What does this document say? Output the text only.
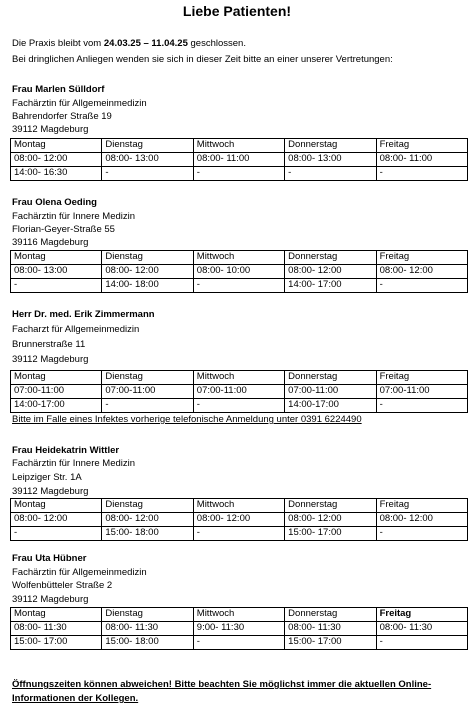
Liebe Patienten!
Die Praxis bleibt vom 24.03.25 – 11.04.25 geschlossen.
Bei dringlichen Anliegen wenden sie sich in dieser Zeit bitte an einer unserer Vertretungen:
Frau Marlen Sülldorf
Fachärztin für Allgemeinmedizin
Bahrendorfer Straße 19
39112 Magdeburg
Montag	Dienstag	Mittwoch	Donnerstag	Freitag
08:00- 12:00	08:00- 13:00	08:00- 11:00	08:00- 13:00	08:00- 11:00
14:00- 16:30	-	-	-	-
Frau Olena Oeding
Fachärztin für Innere Medizin
Florian-Geyer-Straße 55
39116 Magdeburg
Montag	Dienstag	Mittwoch	Donnerstag	Freitag
08:00- 13:00	08:00- 12:00	08:00- 10:00	08:00- 12:00	08:00- 12:00
-	14:00- 18:00	-	14:00- 17:00	-
Herr Dr. med. Erik Zimmermann
Facharzt für Allgemeinmedizin
Brunnerstraße 11
39112 Magdeburg
Montag	Dienstag	Mittwoch	Donnerstag	Freitag
07:00-11:00	07:00-11:00	07:00-11:00	07:00-11:00	07:00-11:00
14:00-17:00	-	-	14:00-17:00	-
Bitte im Falle eines Infektes vorherige telefonische Anmeldung unter 0391 6224490
Frau Heidekatrin Wittler
Fachärztin für Innere Medizin
Leipziger Str. 1A
39112 Magdeburg
Montag	Dienstag	Mittwoch	Donnerstag	Freitag
08:00- 12:00	08:00- 12:00	08:00- 12:00	08:00- 12:00	08:00- 12:00
-	15:00- 18:00	-	15:00- 17:00	-
Frau Uta Hübner
Fachärztin für Allgemeinmedizin
Wolfenbütteler Straße 2
39112 Magdeburg
Montag	Dienstag	Mittwoch	Donnerstag	Freitag
08:00- 11:30	08:00- 11:30	9:00- 11:30	08:00- 11:30	08:00- 11:30
15:00- 17:00	15:00- 18:00	-	15:00- 17:00	-
Öffnungszeiten können abweichen! Bitte beachten Sie möglichst immer die aktuellen Online-
Informationen der Kollegen.
